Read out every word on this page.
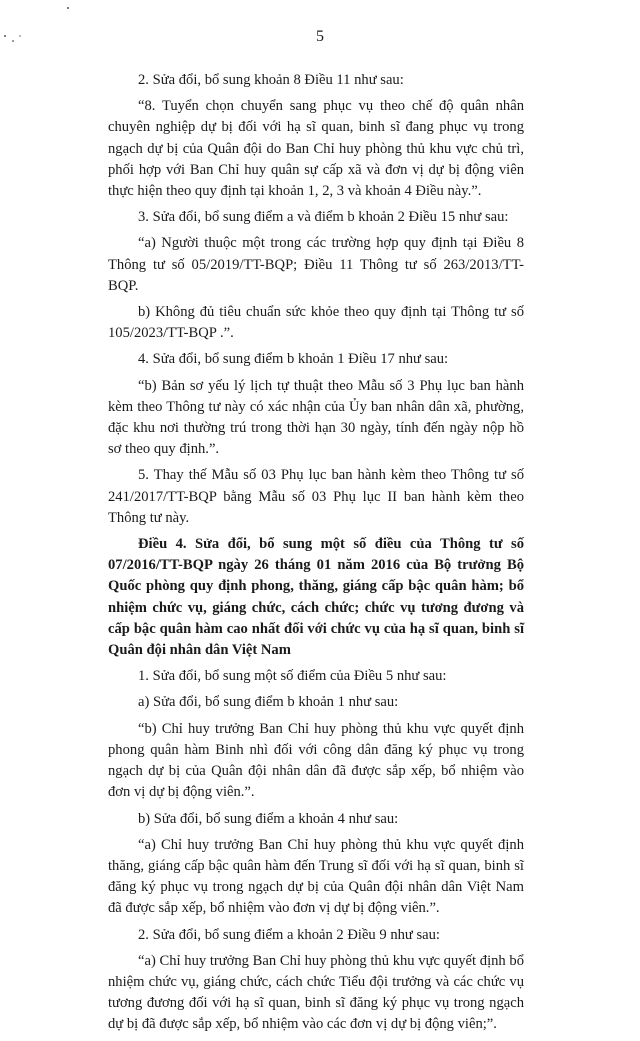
5

2. Sửa đổi, bổ sung khoản 8 Điều 11 như sau:

“8. Tuyển chọn chuyển sang phục vụ theo chế độ quân nhân chuyên nghiệp dự bị đối với hạ sĩ quan, binh sĩ đang phục vụ trong ngạch dự bị của Quân đội do Ban Chỉ huy phòng thủ khu vực chủ trì, phối hợp với Ban Chỉ huy quân sự cấp xã và đơn vị dự bị động viên thực hiện theo quy định tại khoản 1, 2, 3 và khoản 4 Điều này.”.

3. Sửa đổi, bổ sung điểm a và điểm b khoản 2 Điều 15 như sau:

“a) Người thuộc một trong các trường hợp quy định tại Điều 8 Thông tư số 05/2019/TT-BQP; Điều 11 Thông tư số 263/2013/TT-BQP.

b) Không đủ tiêu chuẩn sức khỏe theo quy định tại Thông tư số 105/2023/TT-BQP .”.

4. Sửa đổi, bổ sung điểm b khoản 1 Điều 17 như sau:

“b) Bản sơ yếu lý lịch tự thuật theo Mẫu số 3 Phụ lục ban hành kèm theo Thông tư này có xác nhận của Ủy ban nhân dân xã, phường, đặc khu nơi thường trú trong thời hạn 30 ngày, tính đến ngày nộp hồ sơ theo quy định.”.

5. Thay thế Mẫu số 03 Phụ lục ban hành kèm theo Thông tư số 241/2017/TT-BQP bằng Mẫu số 03 Phụ lục II ban hành kèm theo Thông tư này.

Điều 4. Sửa đổi, bổ sung một số điều của Thông tư số 07/2016/TT-BQP ngày 26 tháng 01 năm 2016 của Bộ trưởng Bộ Quốc phòng quy định phong, thăng, giáng cấp bậc quân hàm; bổ nhiệm chức vụ, giáng chức, cách chức; chức vụ tương đương và cấp bậc quân hàm cao nhất đối với chức vụ của hạ sĩ quan, binh sĩ Quân đội nhân dân Việt Nam

1. Sửa đổi, bổ sung một số điểm của Điều 5 như sau:

a) Sửa đổi, bổ sung điểm b khoản 1 như sau:

“b) Chỉ huy trưởng Ban Chỉ huy phòng thủ khu vực quyết định phong quân hàm Binh nhì đối với công dân đăng ký phục vụ trong ngạch dự bị của Quân đội nhân dân đã được sắp xếp, bổ nhiệm vào đơn vị dự bị động viên.”.

b) Sửa đổi, bổ sung điểm a khoản 4 như sau:

“a) Chỉ huy trưởng Ban Chỉ huy phòng thủ khu vực quyết định thăng, giáng cấp bậc quân hàm đến Trung sĩ đối với hạ sĩ quan, binh sĩ đăng ký phục vụ trong ngạch dự bị của Quân đội nhân dân Việt Nam đã được sắp xếp, bổ nhiệm vào đơn vị dự bị động viên.”.

2. Sửa đổi, bổ sung điểm a khoản 2 Điều 9 như sau:

“a) Chỉ huy trưởng Ban Chỉ huy phòng thủ khu vực quyết định bổ nhiệm chức vụ, giáng chức, cách chức Tiểu đội trưởng và các chức vụ tương đương đối với hạ sĩ quan, binh sĩ đăng ký phục vụ trong ngạch dự bị đã được sắp xếp, bổ nhiệm vào các đơn vị dự bị động viên;”.
